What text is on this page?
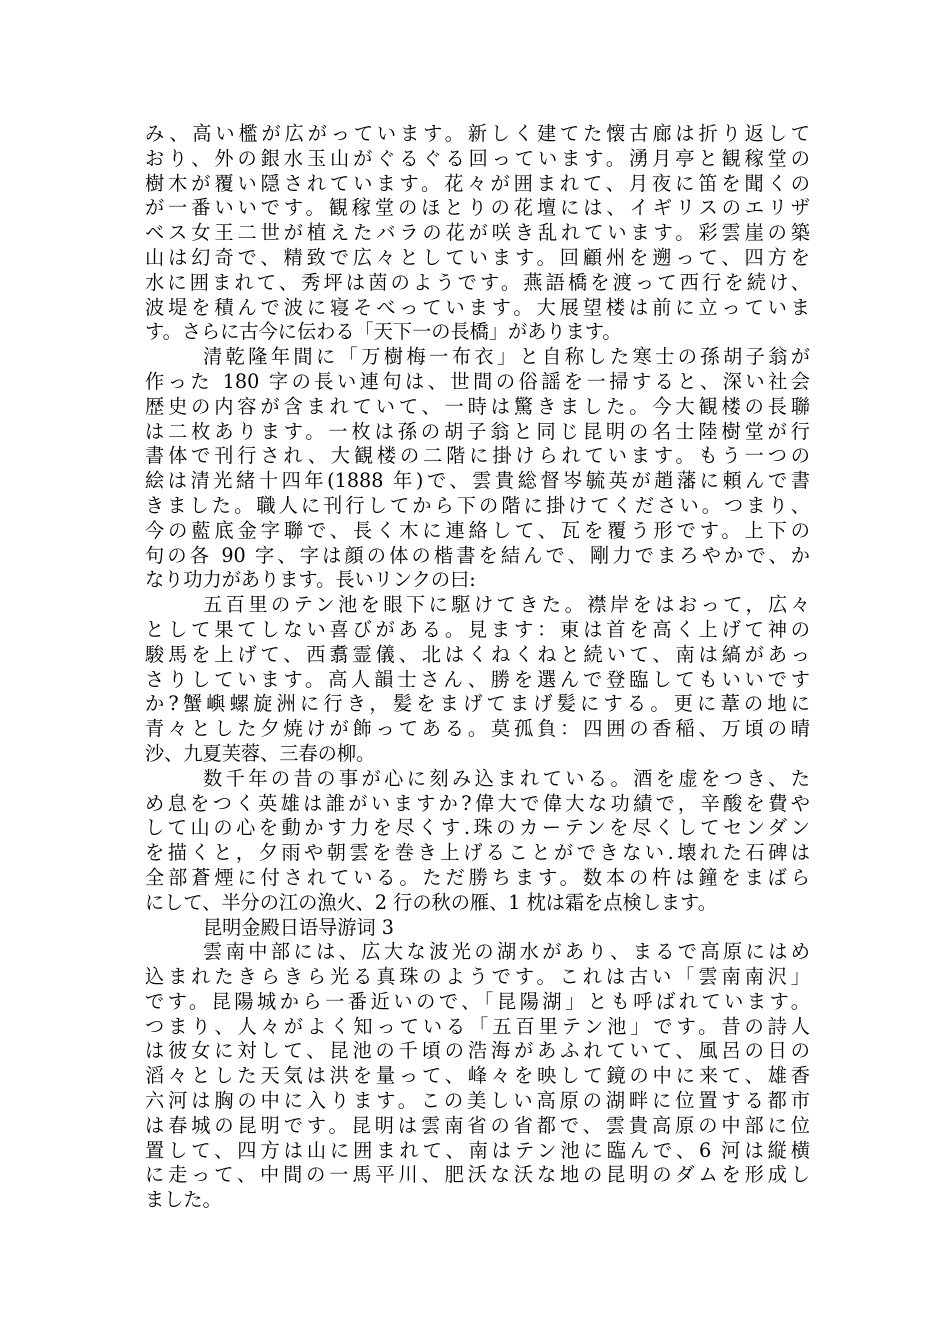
み、高い檻が広がっています。新しく建てた懐古廊は折り返して
おり、外の銀水玉山がぐるぐる回っています。湧月亭と観稼堂の
樹木が覆い隠されています。花々が囲まれて、月夜に笛を聞くの
が一番いいです。観稼堂のほとりの花壇には、イギリスのエリザ
ベス女王二世が植えたバラの花が咲き乱れています。彩雲崖の築
山は幻奇で、精致で広々としています。回顧州を遡って、四方を
水に囲まれて、秀坪は茵のようです。燕語橋を渡って西行を続け、
波堤を積んで波に寝そべっています。大展望楼は前に立っていま
す。さらに古今に伝わる「天下一の長橋」があります。
清乾隆年間に「万樹梅一布衣」と自称した寒士の孫胡子翁が
作った 180 字の長い連句は、世間の俗謡を一掃すると、深い社会
歴史の内容が含まれていて、一時は驚きました。今大観楼の長聯
は二枚あります。一枚は孫の胡子翁と同じ昆明の名士陸樹堂が行
書体で刊行され、大観楼の二階に掛けられています。もう一つの
絵は清光緒十四年(1888 年)で、雲貴総督岑毓英が趙藩に頼んで書
きました。職人に刊行してから下の階に掛けてください。つまり、
今の藍底金字聯で、長く木に連絡して、瓦を覆う形です。上下の
句の各 90 字、字は顔の体の楷書を結んで、剛力でまろやかで、か
なり功力があります。長いリンクの曰:
五百里のテン池を眼下に駆けてきた。襟岸をはおって，広々
として果てしない喜びがある。見ます：東は首を高く上げて神の
駿馬を上げて、西翥霊儀、北はくねくねと続いて、南は縞があっ
さりしています。高人韻士さん、勝を選んで登臨してもいいです
か?蟹嶼螺旋洲に行き，髪をまげてまげ髪にする。更に葦の地に
青々とした夕焼けが飾ってある。莫孤負：四囲の香稲、万頃の晴
沙、九夏芙蓉、三春の柳。
数千年の昔の事が心に刻み込まれている。酒を虚をつき、た
め息をつく英雄は誰がいますか?偉大で偉大な功績で，辛酸を費や
して山の心を動かす力を尽くす.珠のカーテンを尽くしてセンダン
を描くと，夕雨や朝雲を巻き上げることができない.壊れた石碑は
全部蒼煙に付されている。ただ勝ちます。数本の杵は鐘をまばら
にして、半分の江の漁火、2 行の秋の雁、1 枕は霜を点検します。
昆明金殿日语导游词 3
雲南中部には、広大な波光の湖水があり、まるで高原にはめ
込まれたきらきら光る真珠のようです。これは古い「雲南南沢」
です。昆陽城から一番近いので、「昆陽湖」とも呼ばれています。
つまり、人々がよく知っている「五百里テン池」です。昔の詩人
は彼女に対して、昆池の千頃の浩海があふれていて、風呂の日の
滔々とした天気は洪を量って、峰々を映して鏡の中に来て、雄香
六河は胸の中に入ります。この美しい高原の湖畔に位置する都市
は春城の昆明です。昆明は雲南省の省都で、雲貴高原の中部に位
置して、四方は山に囲まれて、南はテン池に臨んで、6 河は縦横
に走って、中間の一馬平川、肥沃な沃な地の昆明のダムを形成し
ました。
